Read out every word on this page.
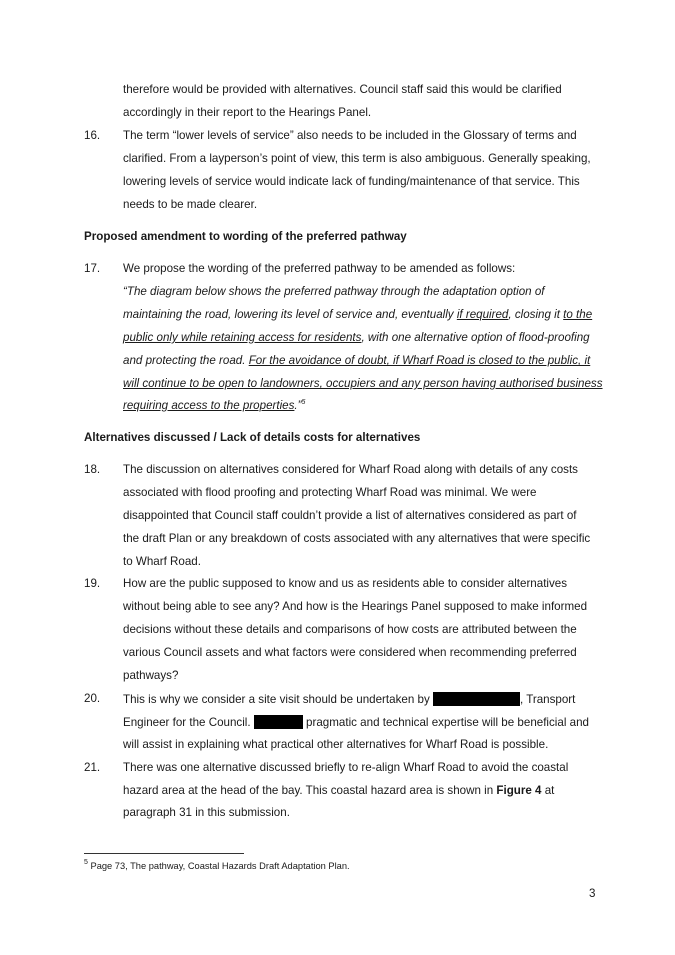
therefore would be provided with alternatives. Council staff said this would be clarified
accordingly in their report to the Hearings Panel.
16. The term “lower levels of service” also needs to be included in the Glossary of terms and
clarified. From a layperson’s point of view, this term is also ambiguous. Generally speaking,
lowering levels of service would indicate lack of funding/maintenance of that service. This
needs to be made clearer.
Proposed amendment to wording of the preferred pathway
17. We propose the wording of the preferred pathway to be amended as follows:
“The diagram below shows the preferred pathway through the adaptation option of
maintaining the road, lowering its level of service and, eventually if required, closing it to the
public only while retaining access for residents, with one alternative option of flood-proofing
and protecting the road. For the avoidance of doubt, if Wharf Road is closed to the public, it
will continue to be open to landowners, occupiers and any person having authorised business
requiring access to the properties.”$^5$
Alternatives discussed / Lack of details costs for alternatives
18. The discussion on alternatives considered for Wharf Road along with details of any costs
associated with flood proofing and protecting Wharf Road was minimal. We were
disappointed that Council staff couldn’t provide a list of alternatives considered as part of
the draft Plan or any breakdown of costs associated with any alternatives that were specific
to Wharf Road.
19. How are the public supposed to know and us as residents able to consider alternatives
without being able to see any? And how is the Hearings Panel supposed to make informed
decisions without these details and comparisons of how costs are attributed between the
various Council assets and what factors were considered when recommending preferred
pathways?
20. This is why we consider a site visit should be undertaken by	, Transport
Engineer for the Council.	pragmatic and technical expertise will be beneficial and
will assist in explaining what practical other alternatives for Wharf Road is possible.
21. There was one alternative discussed briefly to re-align Wharf Road to avoid the coastal
hazard area at the head of the bay. This coastal hazard area is shown in Figure 4 at
paragraph 31 in this submission.
$^5$ Page 73, The pathway, Coastal Hazards Draft Adaptation Plan.
3
